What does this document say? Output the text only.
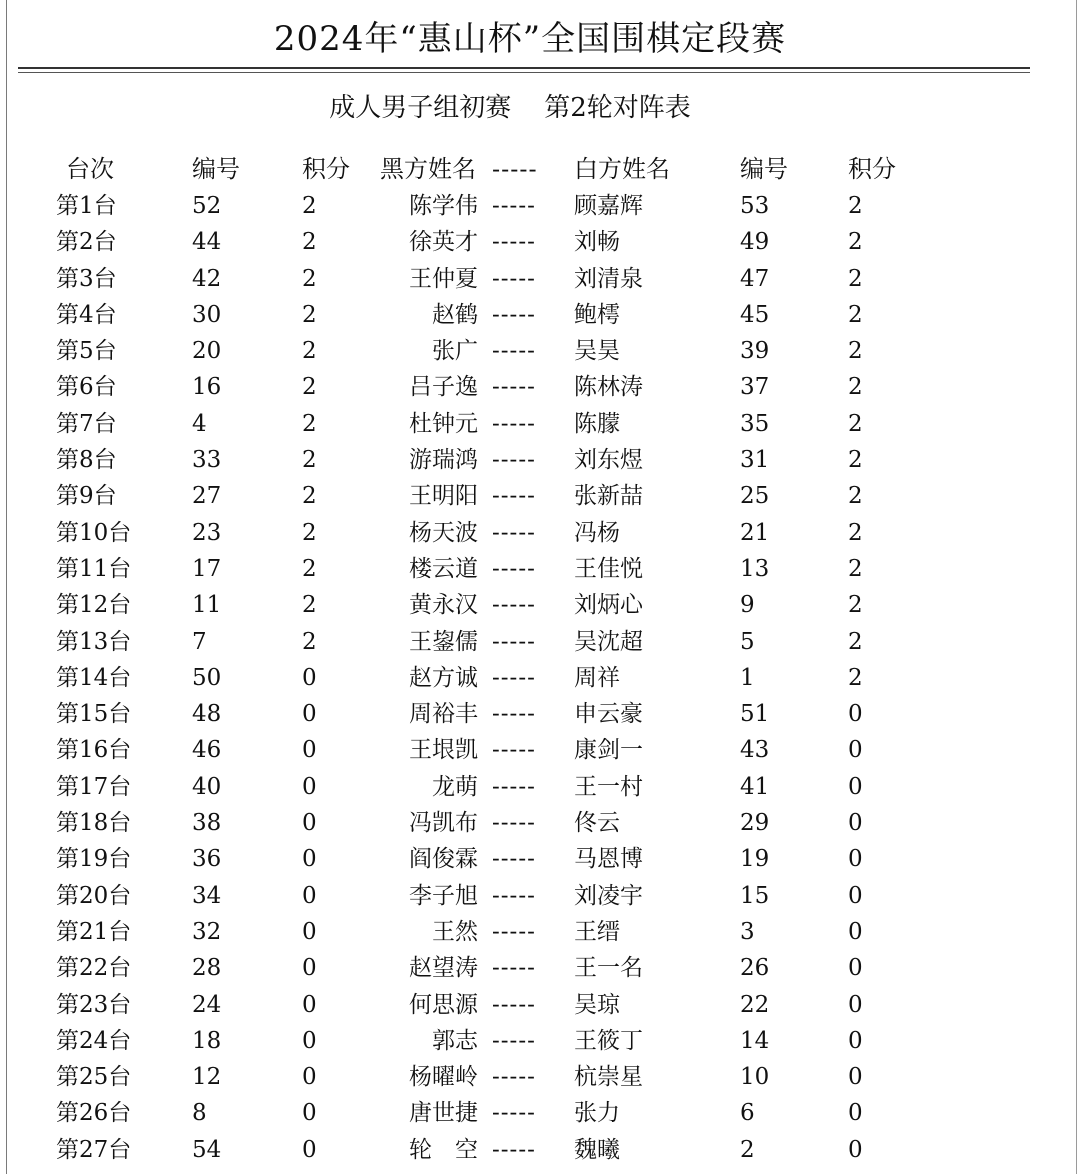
2024年“惠山杯”全国围棋定段赛
成人男子组初赛    第2轮对阵表
台次	编号	积分 黑方姓名 ----- 白方姓名	编号	积分
第1台	52	2	陈学伟 ----- 顾嘉辉	53	2
第2台	44	2	徐英才 ----- 刘畅	49	2
第3台	42	2	王仲夏 ----- 刘清泉	47	2
第4台	30	2	赵鹤 ----- 鲍樗	45	2
第5台	20	2	张广 ----- 吴昊	39	2
第6台	16	2	吕子逸 ----- 陈林涛	37	2
第7台	4	2	杜钟元 ----- 陈朦	35	2
第8台	33	2	游瑞鸿 ----- 刘东煜	31	2
第9台	27	2	王明阳 ----- 张新喆	25	2
第10台	23	2	杨天波 ----- 冯杨	21	2
第11台	17	2	楼云道 ----- 王佳悦	13	2
第12台	11	2	黄永汉 ----- 刘炳心	9	2
第13台	7	2	王鋆儒 ----- 吴沈超	5	2
第14台	50	0	赵方诚 ----- 周祥	1	2
第15台	48	0	周裕丰 ----- 申云豪	51	0
第16台	46	0	王垠凯 ----- 康剑一	43	0
第17台	40	0	龙萌 ----- 王一村	41	0
第18台	38	0	冯凯布 ----- 佟云	29	0
第19台	36	0	阎俊霖 ----- 马恩博	19	0
第20台	34	0	李子旭 ----- 刘凌宇	15	0
第21台	32	0	王然 ----- 王缙	3	0
第22台	28	0	赵望涛 ----- 王一名	26	0
第23台	24	0	何思源 ----- 吴琼	22	0
第24台	18	0	郭志 ----- 王筱丁	14	0
第25台	12	0	杨曜岭 ----- 杭崇星	10	0
第26台	8	0	唐世捷 ----- 张力	6	0
第27台	54	0	轮　空 ----- 魏曦	2	0
